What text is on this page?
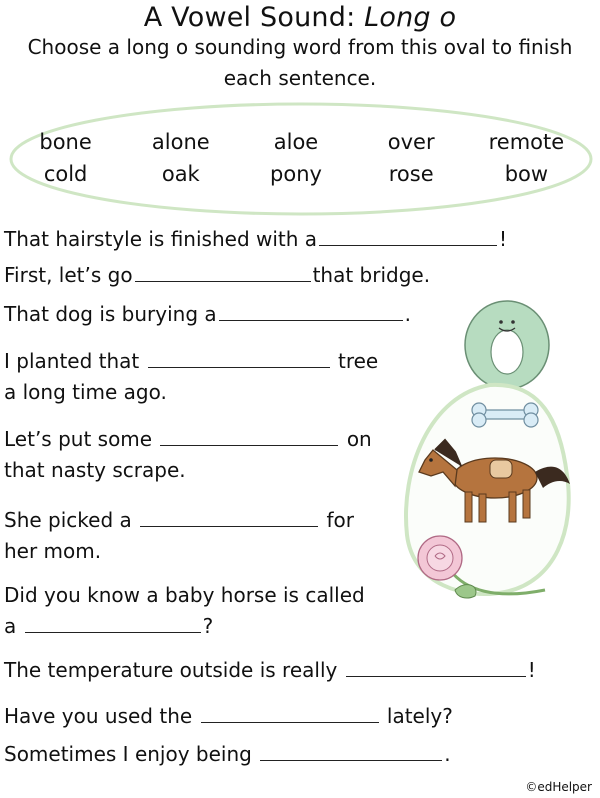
A Vowel Sound: Long o
Choose a long o sounding word from this oval to finish each sentence.
bone	alone	aloe	over	remote
cold	oak	pony	rose	bow
That hairstyle is finished with a	!
First, let’s go	that bridge.
That dog is burying a	.
I planted that	tree
a long time ago.
Let’s put some	on
that nasty scrape.
She picked a	for
her mom.
Did you know a baby horse is called
a	?
The temperature outside is really	!
Have you used the	lately?
Sometimes I enjoy being	.
©edHelper
